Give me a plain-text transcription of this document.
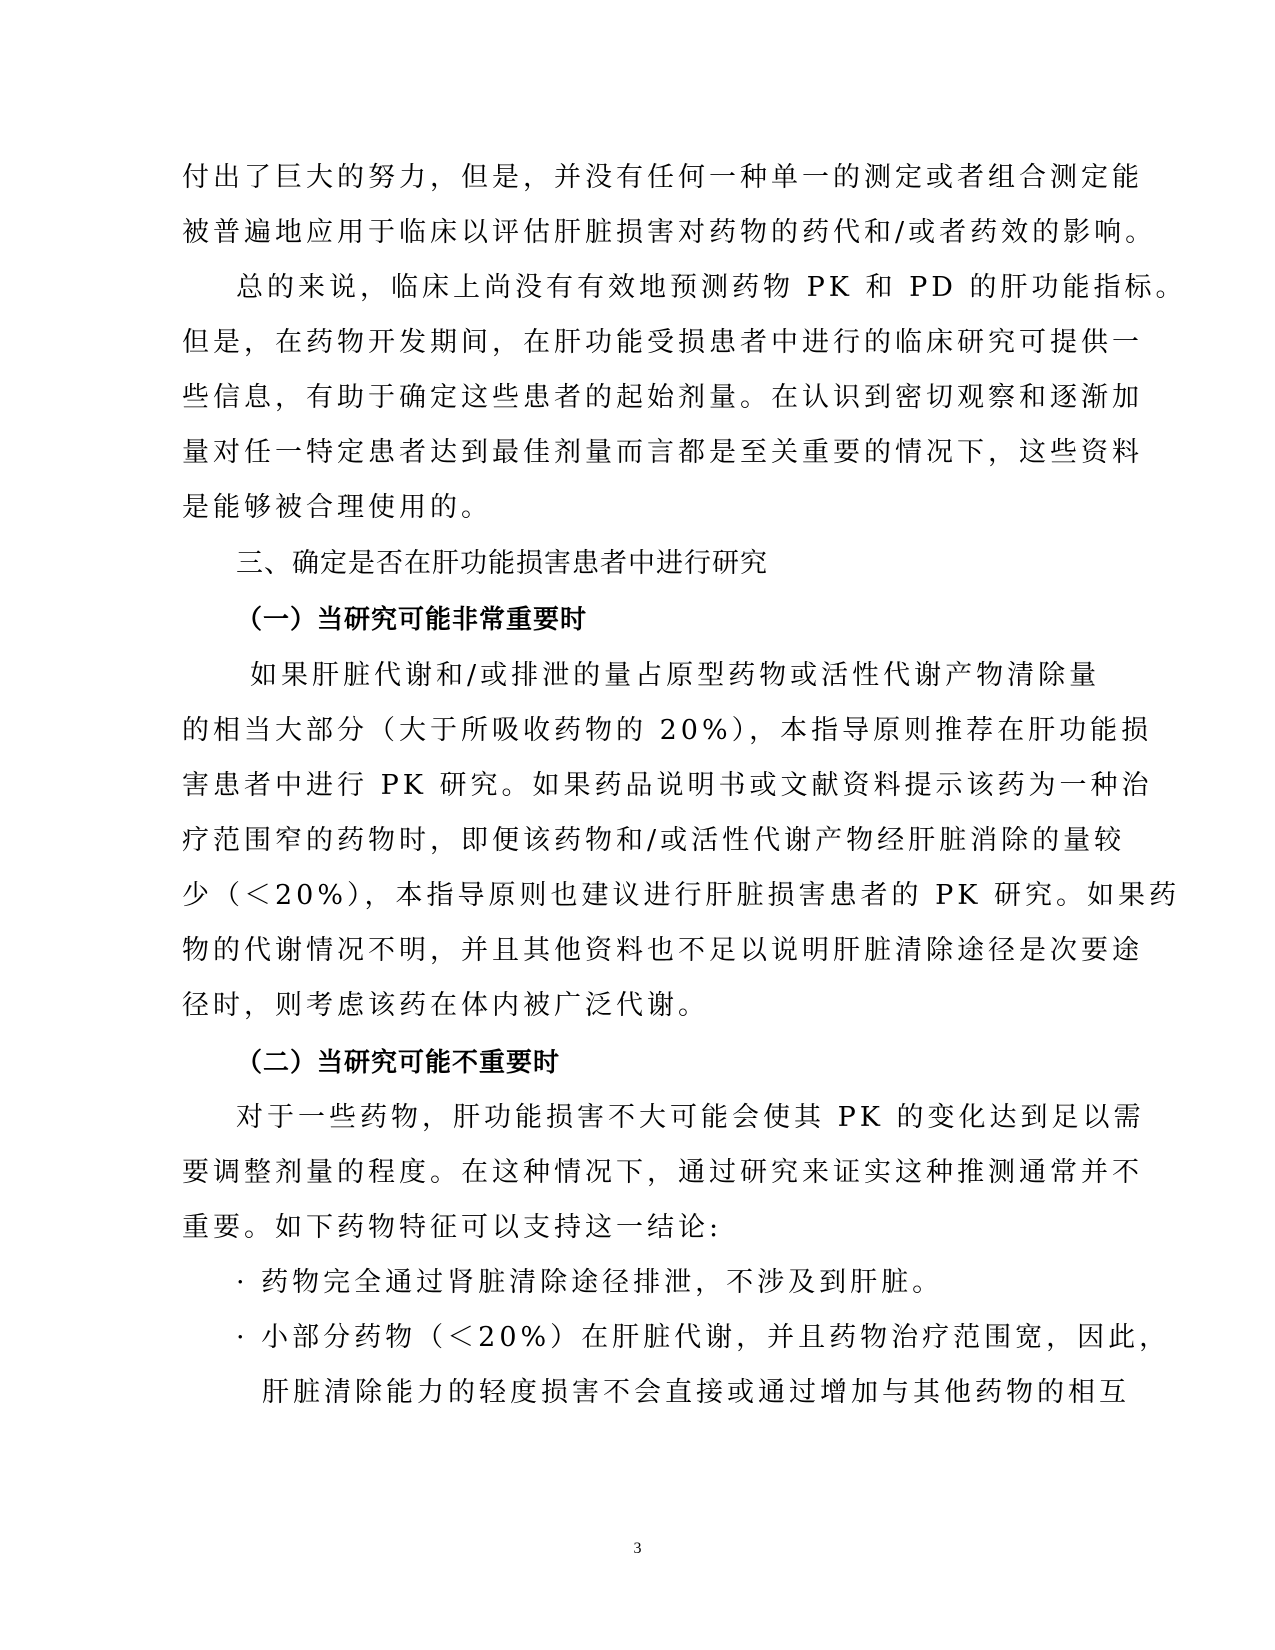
付出了巨大的努力，但是，并没有任何一种单一的测定或者组合测定能
被普遍地应用于临床以评估肝脏损害对药物的药代和/或者药效的影响。
总的来说，临床上尚没有有效地预测药物 PK 和 PD 的肝功能指标。
但是，在药物开发期间，在肝功能受损患者中进行的临床研究可提供一
些信息，有助于确定这些患者的起始剂量。在认识到密切观察和逐渐加
量对任一特定患者达到最佳剂量而言都是至关重要的情况下，这些资料
是能够被合理使用的。
三、确定是否在肝功能损害患者中进行研究
（一）当研究可能非常重要时
如果肝脏代谢和/或排泄的量占原型药物或活性代谢产物清除量
的相当大部分（大于所吸收药物的 20%），本指导原则推荐在肝功能损
害患者中进行 PK 研究。如果药品说明书或文献资料提示该药为一种治
疗范围窄的药物时，即便该药物和/或活性代谢产物经肝脏消除的量较
少（＜20%），本指导原则也建议进行肝脏损害患者的 PK 研究。如果药
物的代谢情况不明，并且其他资料也不足以说明肝脏清除途径是次要途
径时，则考虑该药在体内被广泛代谢。
（二）当研究可能不重要时
对于一些药物，肝功能损害不大可能会使其 PK 的变化达到足以需
要调整剂量的程度。在这种情况下，通过研究来证实这种推测通常并不
重要。如下药物特征可以支持这一结论:
· 药物完全通过肾脏清除途径排泄，不涉及到肝脏。
· 小部分药物（＜20%）在肝脏代谢，并且药物治疗范围宽，因此，
肝脏清除能力的轻度损害不会直接或通过增加与其他药物的相互
3
